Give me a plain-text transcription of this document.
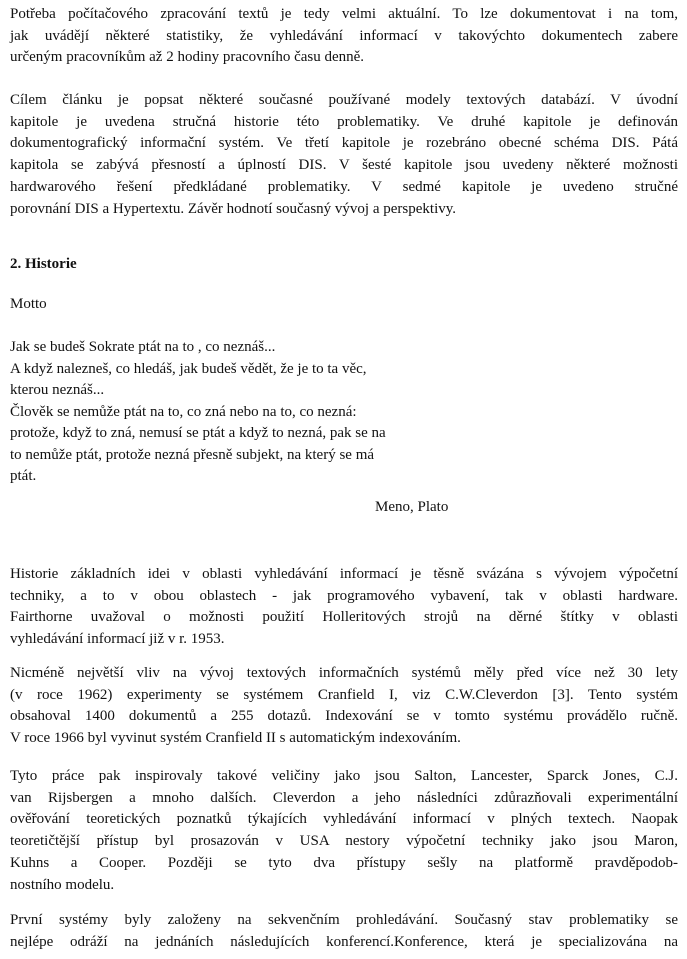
Potřeba počítačového zpracování textů je tedy velmi aktuální. To lze dokumentovat i na tom,
jak uvádějí některé statistiky, že vyhledávání informací v takovýchto dokumentech zabere
určeným pracovníkům až 2 hodiny pracovního času denně.

Cílem článku je popsat některé současné používané modely textových databází. V úvodní
kapitole je uvedena stručná historie této problematiky. Ve druhé kapitole je definován
dokumentografický informační systém. Ve třetí kapitole je rozebráno obecné schéma DIS. Pátá
kapitola se zabývá přesností a úplností DIS. V šesté kapitole jsou uvedeny některé možnosti
hardwarového řešení předkládané problematiky. V sedmé kapitole je uvedeno stručné
porovnání DIS a Hypertextu. Závěr hodnotí současný vývoj a perspektivy.

2. Historie

Motto

Jak se budeš Sokrate ptát na to , co neznáš...
A když nalezneš, co hledáš, jak budeš vědět, že je to ta věc,
kterou neznáš...
Člověk se nemůže ptát na to, co zná nebo na to, co nezná:
protože, když to zná, nemusí se ptát a když to nezná, pak se na
to nemůže ptát, protože nezná přesně subjekt, na který se má
ptát.

Meno, Plato

Historie základních idei v oblasti vyhledávání informací je těsně svázána s vývojem výpočetní
techniky, a to v obou oblastech - jak programového vybavení, tak v oblasti hardware.
Fairthorne uvažoval o možnosti použití Holleritových strojů na děrné štítky v oblasti
vyhledávání informací již v r. 1953.

Nicméně největší vliv na vývoj textových informačních systémů měly před více než 30 lety
(v roce 1962) experimenty se systémem Cranfield I, viz C.W.Cleverdon [3]. Tento systém
obsahoval 1400 dokumentů a 255 dotazů. Indexování se v tomto systému provádělo ručně.
V roce 1966 byl vyvinut systém Cranfield II s automatickým indexováním.

Tyto práce pak inspirovaly takové veličiny jako jsou Salton, Lancester, Sparck Jones, C.J.
van Rijsbergen a mnoho dalších. Cleverdon a jeho následníci zdůrazňovali experimentální
ověřování teoretických poznatků týkajících vyhledávání informací v plných textech. Naopak
teoretičtější přístup byl prosazován v USA nestory výpočetní techniky jako jsou Maron,
Kuhns a Cooper. Později se tyto dva přístupy sešly na platformě pravděpodob-
nostního modelu.

První systémy byly založeny na sekvenčním prohledávání. Současný stav problematiky se
nejlépe odráží na jednáních následujících konferencí.Konference, která je specializována na
